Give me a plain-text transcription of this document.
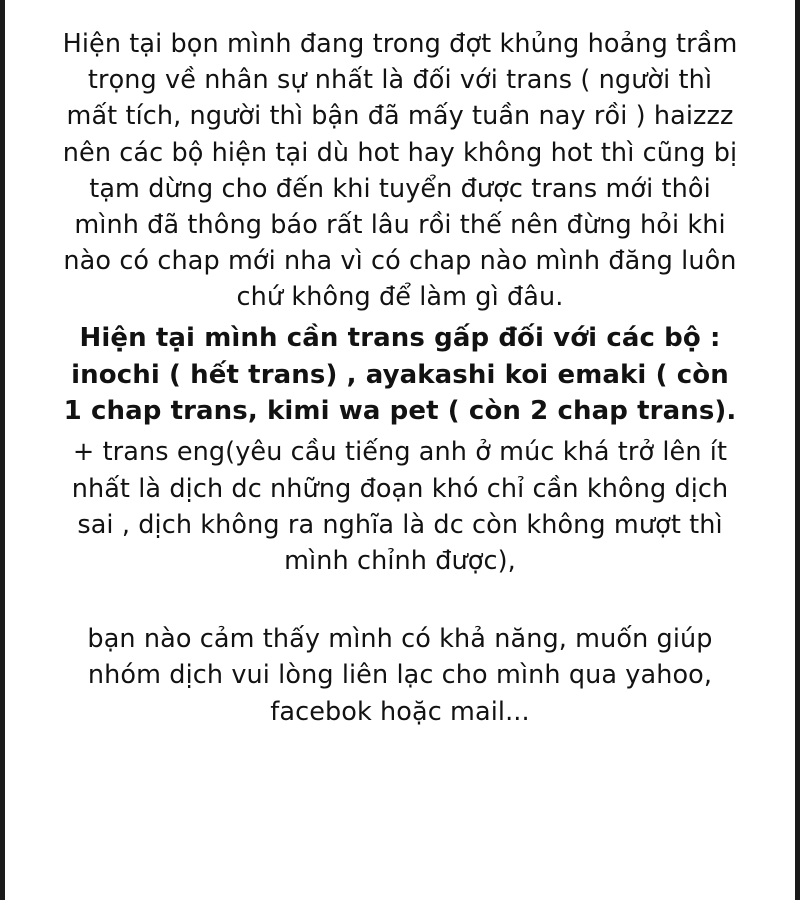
Hiện tại bọn mình đang trong đợt khủng hoảng trầm trọng về nhân sự nhất là đối với trans ( người thì mất tích, người thì bận đã mấy tuần nay rồi ) haizzz nên các bộ hiện tại dù hot hay không hot thì cũng bị tạm dừng cho đến khi tuyển được trans mới thôi mình đã thông báo rất lâu rồi thế nên đừng hỏi khi nào có chap mới nha vì có chap nào mình đăng luôn chứ không để làm gì đâu.

Hiện tại mình cần trans gấp đối với các bộ : inochi ( hết trans) , ayakashi koi emaki ( còn 1 chap trans, kimi wa pet ( còn 2 chap trans).

+ trans eng(yêu cầu tiếng anh ở múc khá trở lên ít nhất là dịch dc những đoạn khó chỉ cần không dịch sai , dịch không ra nghĩa là dc còn không mượt thì mình chỉnh được),

bạn nào cảm thấy mình có khả năng, muốn giúp nhóm dịch vui lòng liên lạc cho mình qua yahoo, facebok hoặc mail...
